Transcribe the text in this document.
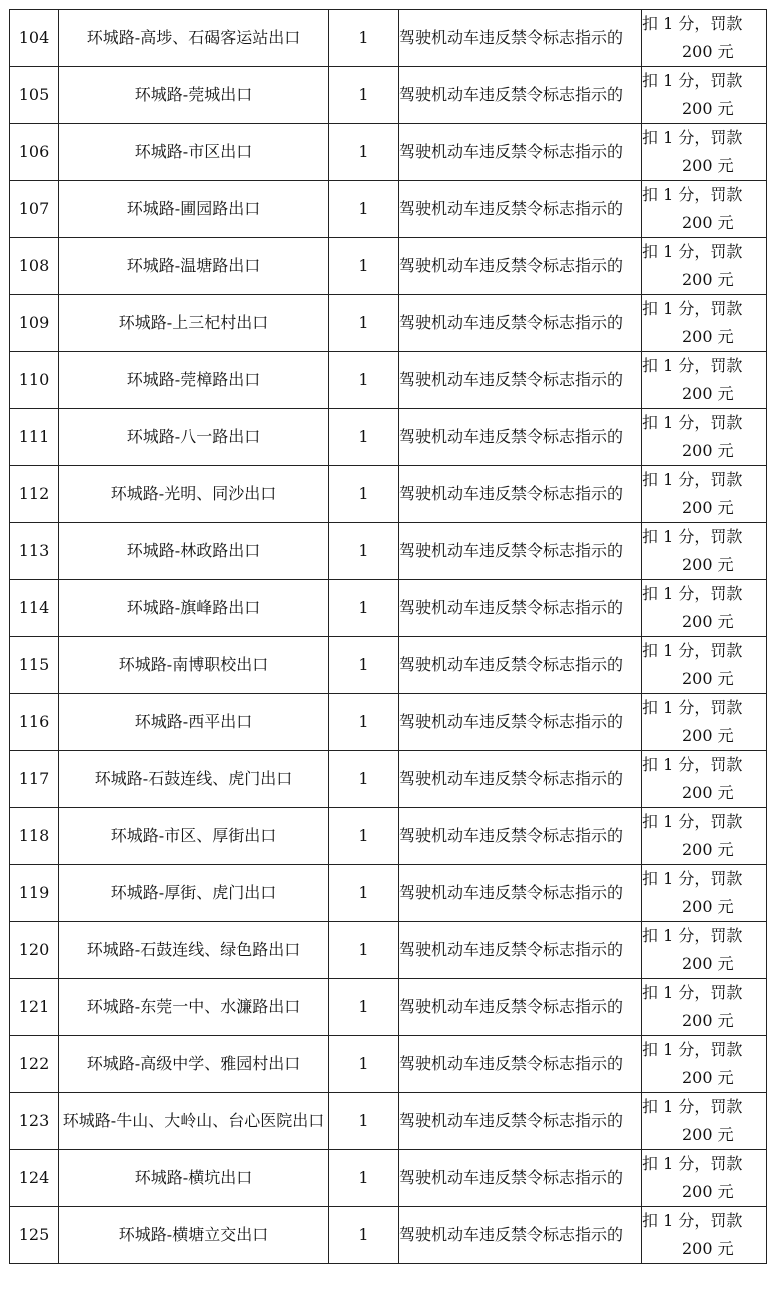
104	环城路-高埗、石碣客运站出口	1	驾驶机动车违反禁令标志指示的	扣 1 分，罚款
200 元

105	环城路-莞城出口	1	驾驶机动车违反禁令标志指示的	扣 1 分，罚款
200 元

106	环城路-市区出口	1	驾驶机动车违反禁令标志指示的	扣 1 分，罚款
200 元

107	环城路-圃园路出口	1	驾驶机动车违反禁令标志指示的	扣 1 分，罚款
200 元

108	环城路-温塘路出口	1	驾驶机动车违反禁令标志指示的	扣 1 分，罚款
200 元

109	环城路-上三杞村出口	1	驾驶机动车违反禁令标志指示的	扣 1 分，罚款
200 元

110	环城路-莞樟路出口	1	驾驶机动车违反禁令标志指示的	扣 1 分，罚款
200 元

111	环城路-八一路出口	1	驾驶机动车违反禁令标志指示的	扣 1 分，罚款
200 元

112	环城路-光明、同沙出口	1	驾驶机动车违反禁令标志指示的	扣 1 分，罚款
200 元

113	环城路-林政路出口	1	驾驶机动车违反禁令标志指示的	扣 1 分，罚款
200 元

114	环城路-旗峰路出口	1	驾驶机动车违反禁令标志指示的	扣 1 分，罚款
200 元

115	环城路-南博职校出口	1	驾驶机动车违反禁令标志指示的	扣 1 分，罚款
200 元

116	环城路-西平出口	1	驾驶机动车违反禁令标志指示的	扣 1 分，罚款
200 元

117	环城路-石鼓连线、虎门出口	1	驾驶机动车违反禁令标志指示的	扣 1 分，罚款
200 元

118	环城路-市区、厚街出口	1	驾驶机动车违反禁令标志指示的	扣 1 分，罚款
200 元

119	环城路-厚街、虎门出口	1	驾驶机动车违反禁令标志指示的	扣 1 分，罚款
200 元

120	环城路-石鼓连线、绿色路出口	1	驾驶机动车违反禁令标志指示的	扣 1 分，罚款
200 元

121	环城路-东莞一中、水濂路出口	1	驾驶机动车违反禁令标志指示的	扣 1 分，罚款
200 元

122	环城路-高级中学、雅园村出口	1	驾驶机动车违反禁令标志指示的	扣 1 分，罚款
200 元

123	环城路-牛山、大岭山、台心医院出口	1	驾驶机动车违反禁令标志指示的	扣 1 分，罚款
200 元

124	环城路-横坑出口	1	驾驶机动车违反禁令标志指示的	扣 1 分，罚款
200 元

125	环城路-横塘立交出口	1	驾驶机动车违反禁令标志指示的	扣 1 分，罚款
200 元
